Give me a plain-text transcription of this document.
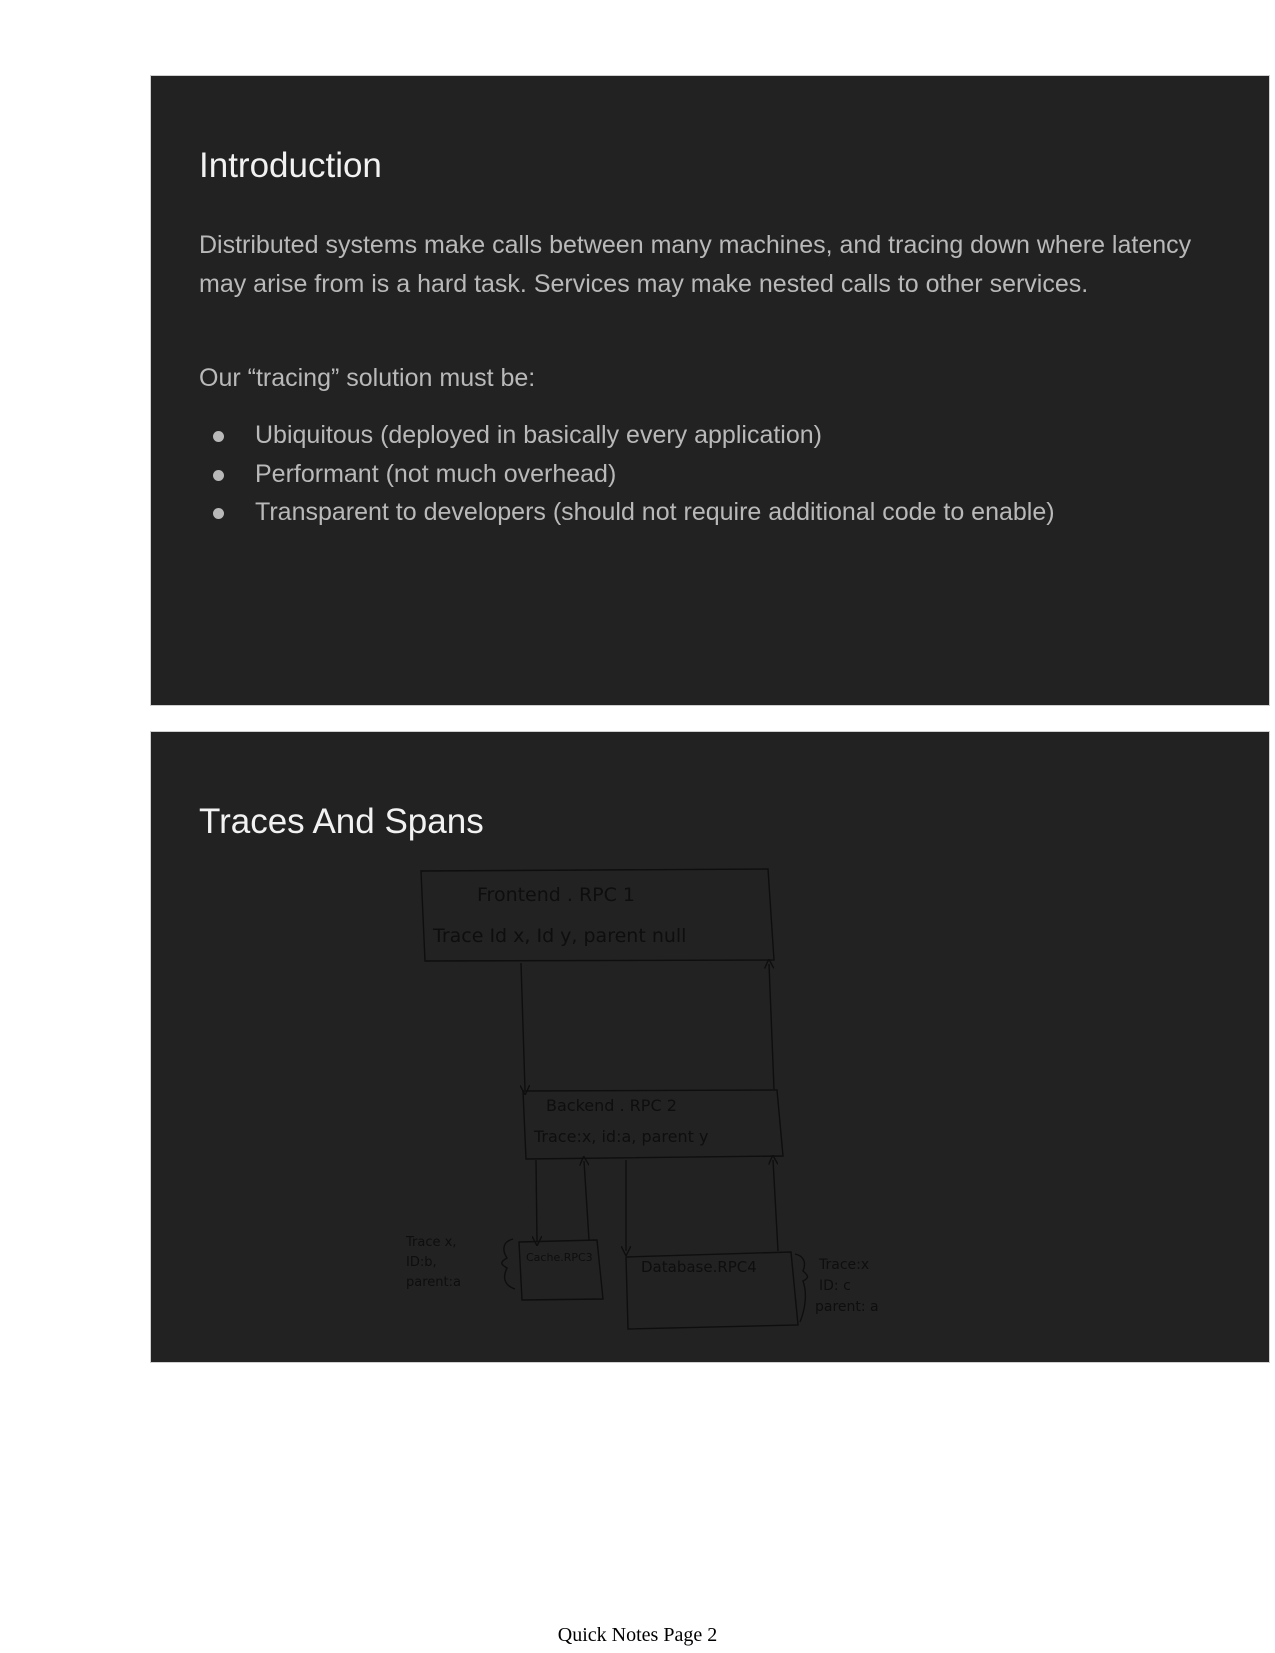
Introduction

Distributed systems make calls between many machines, and tracing down where latency may arise from is a hard task. Services may make nested calls to other services.

Our “tracing” solution must be:

Ubiquitous (deployed in basically every application)
Performant (not much overhead)
Transparent to developers (should not require additional code to enable)
Traces And Spans
Frontend . RPC 1
Trace Id x, Id y, parent null
Backend . RPC 2
Trace:x, id:a, parent y
Cache.RPC3
Database.RPC4
Trace x,
ID:b,
parent:a
Trace:x
ID: c
parent: a
Quick Notes Page 2
